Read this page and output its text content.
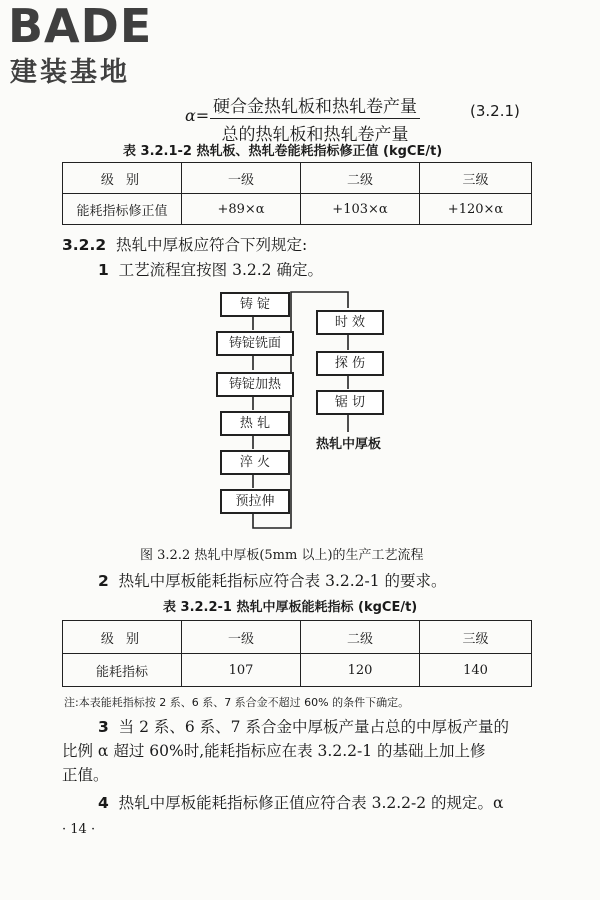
BADE
建装基地
α= 硬合金热轧板和热轧卷产量
总的热轧板和热轧卷产量
(3.2.1)
表 3.2.1-2 热轧板、热轧卷能耗指标修正值 (kgCE/t)
级 别	一级	二级	三级
能耗指标修正值	+89×α	+103×α	+120×α
3.2.2 热轧中厚板应符合下列规定:
1 工艺流程宜按图 3.2.2 确定。
铸 锭
铸锭铣面
铸锭加热
热 轧
淬 火
预拉伸
时 效
探 伤
锯 切
热轧中厚板
图 3.2.2 热轧中厚板(5mm 以上)的生产工艺流程
2 热轧中厚板能耗指标应符合表 3.2.2-1 的要求。
表 3.2.2-1 热轧中厚板能耗指标 (kgCE/t)
级 别	一级	二级	三级
能耗指标	107	120	140
注:本表能耗指标按 2 系、6 系、7 系合金不超过 60% 的条件下确定。
3 当 2 系、6 系、7 系合金中厚板产量占总的中厚板产量的
比例 α 超过 60%时,能耗指标应在表 3.2.2-1 的基础上加上修
正值。
4 热轧中厚板能耗指标修正值应符合表 3.2.2-2 的规定。α
· 14 ·
